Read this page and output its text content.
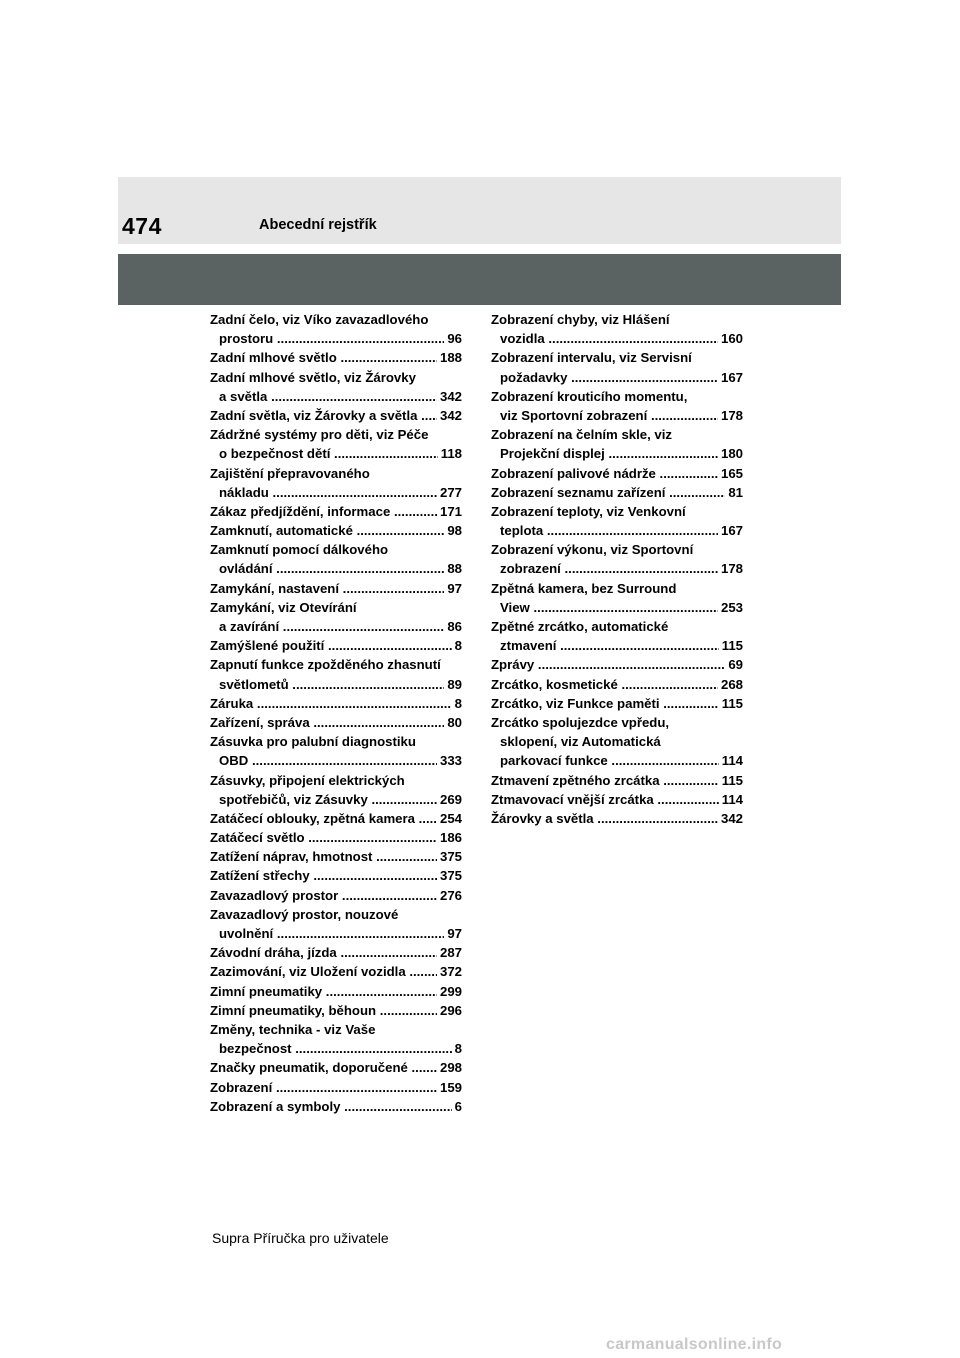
474	Abecední rejstřík
Zadní čelo, viz Víko zavazadlového
prostoru .....	96
Zadní mlhové světlo .....	188
Zadní mlhové světlo, viz Žárovky
a světla .....	342
Zadní světla, viz Žárovky a světla .....	342
Zádržné systémy pro děti, viz Péče
o bezpečnost dětí .....	118
Zajištění přepravovaného
nákladu .....	277
Zákaz předjíždění, informace .....	171
Zamknutí, automatické .....	98
Zamknutí pomocí dálkového
ovládání .....	88
Zamykání, nastavení .....	97
Zamykání, viz Otevírání
a zavírání .....	86
Zamýšlené použití .....	8
Zapnutí funkce zpožděného zhasnutí
světlometů .....	89
Záruka .....	8
Zařízení, správa .....	80
Zásuvka pro palubní diagnostiku
OBD .....	333
Zásuvky, připojení elektrických
spotřebičů, viz Zásuvky .....	269
Zatáčecí oblouky, zpětná kamera .....	254
Zatáčecí světlo .....	186
Zatížení náprav, hmotnost .....	375
Zatížení střechy .....	375
Zavazadlový prostor .....	276
Zavazadlový prostor, nouzové
uvolnění .....	97
Závodní dráha, jízda .....	287
Zazimování, viz Uložení vozidla .....	372
Zimní pneumatiky .....	299
Zimní pneumatiky, běhoun .....	296
Změny, technika - viz Vaše
bezpečnost .....	8
Značky pneumatik, doporučené .....	298
Zobrazení .....	159
Zobrazení a symboly .....	6
Zobrazení chyby, viz Hlášení
vozidla .....	160
Zobrazení intervalu, viz Servisní
požadavky .....	167
Zobrazení krouticího momentu,
viz Sportovní zobrazení .....	178
Zobrazení na čelním skle, viz
Projekční displej .....	180
Zobrazení palivové nádrže .....	165
Zobrazení seznamu zařízení .....	81
Zobrazení teploty, viz Venkovní
teplota .....	167
Zobrazení výkonu, viz Sportovní
zobrazení .....	178
Zpětná kamera, bez Surround
View .....	253
Zpětné zrcátko, automatické
ztmavení .....	115
Zprávy .....	69
Zrcátko, kosmetické .....	268
Zrcátko, viz Funkce paměti .....	115
Zrcátko spolujezdce vpředu,
sklopení, viz Automatická
parkovací funkce .....	114
Ztmavení zpětného zrcátka .....	115
Ztmavovací vnější zrcátka .....	114
Žárovky a světla .....	342
Supra Příručka pro uživatele
carmanualsonline.info
